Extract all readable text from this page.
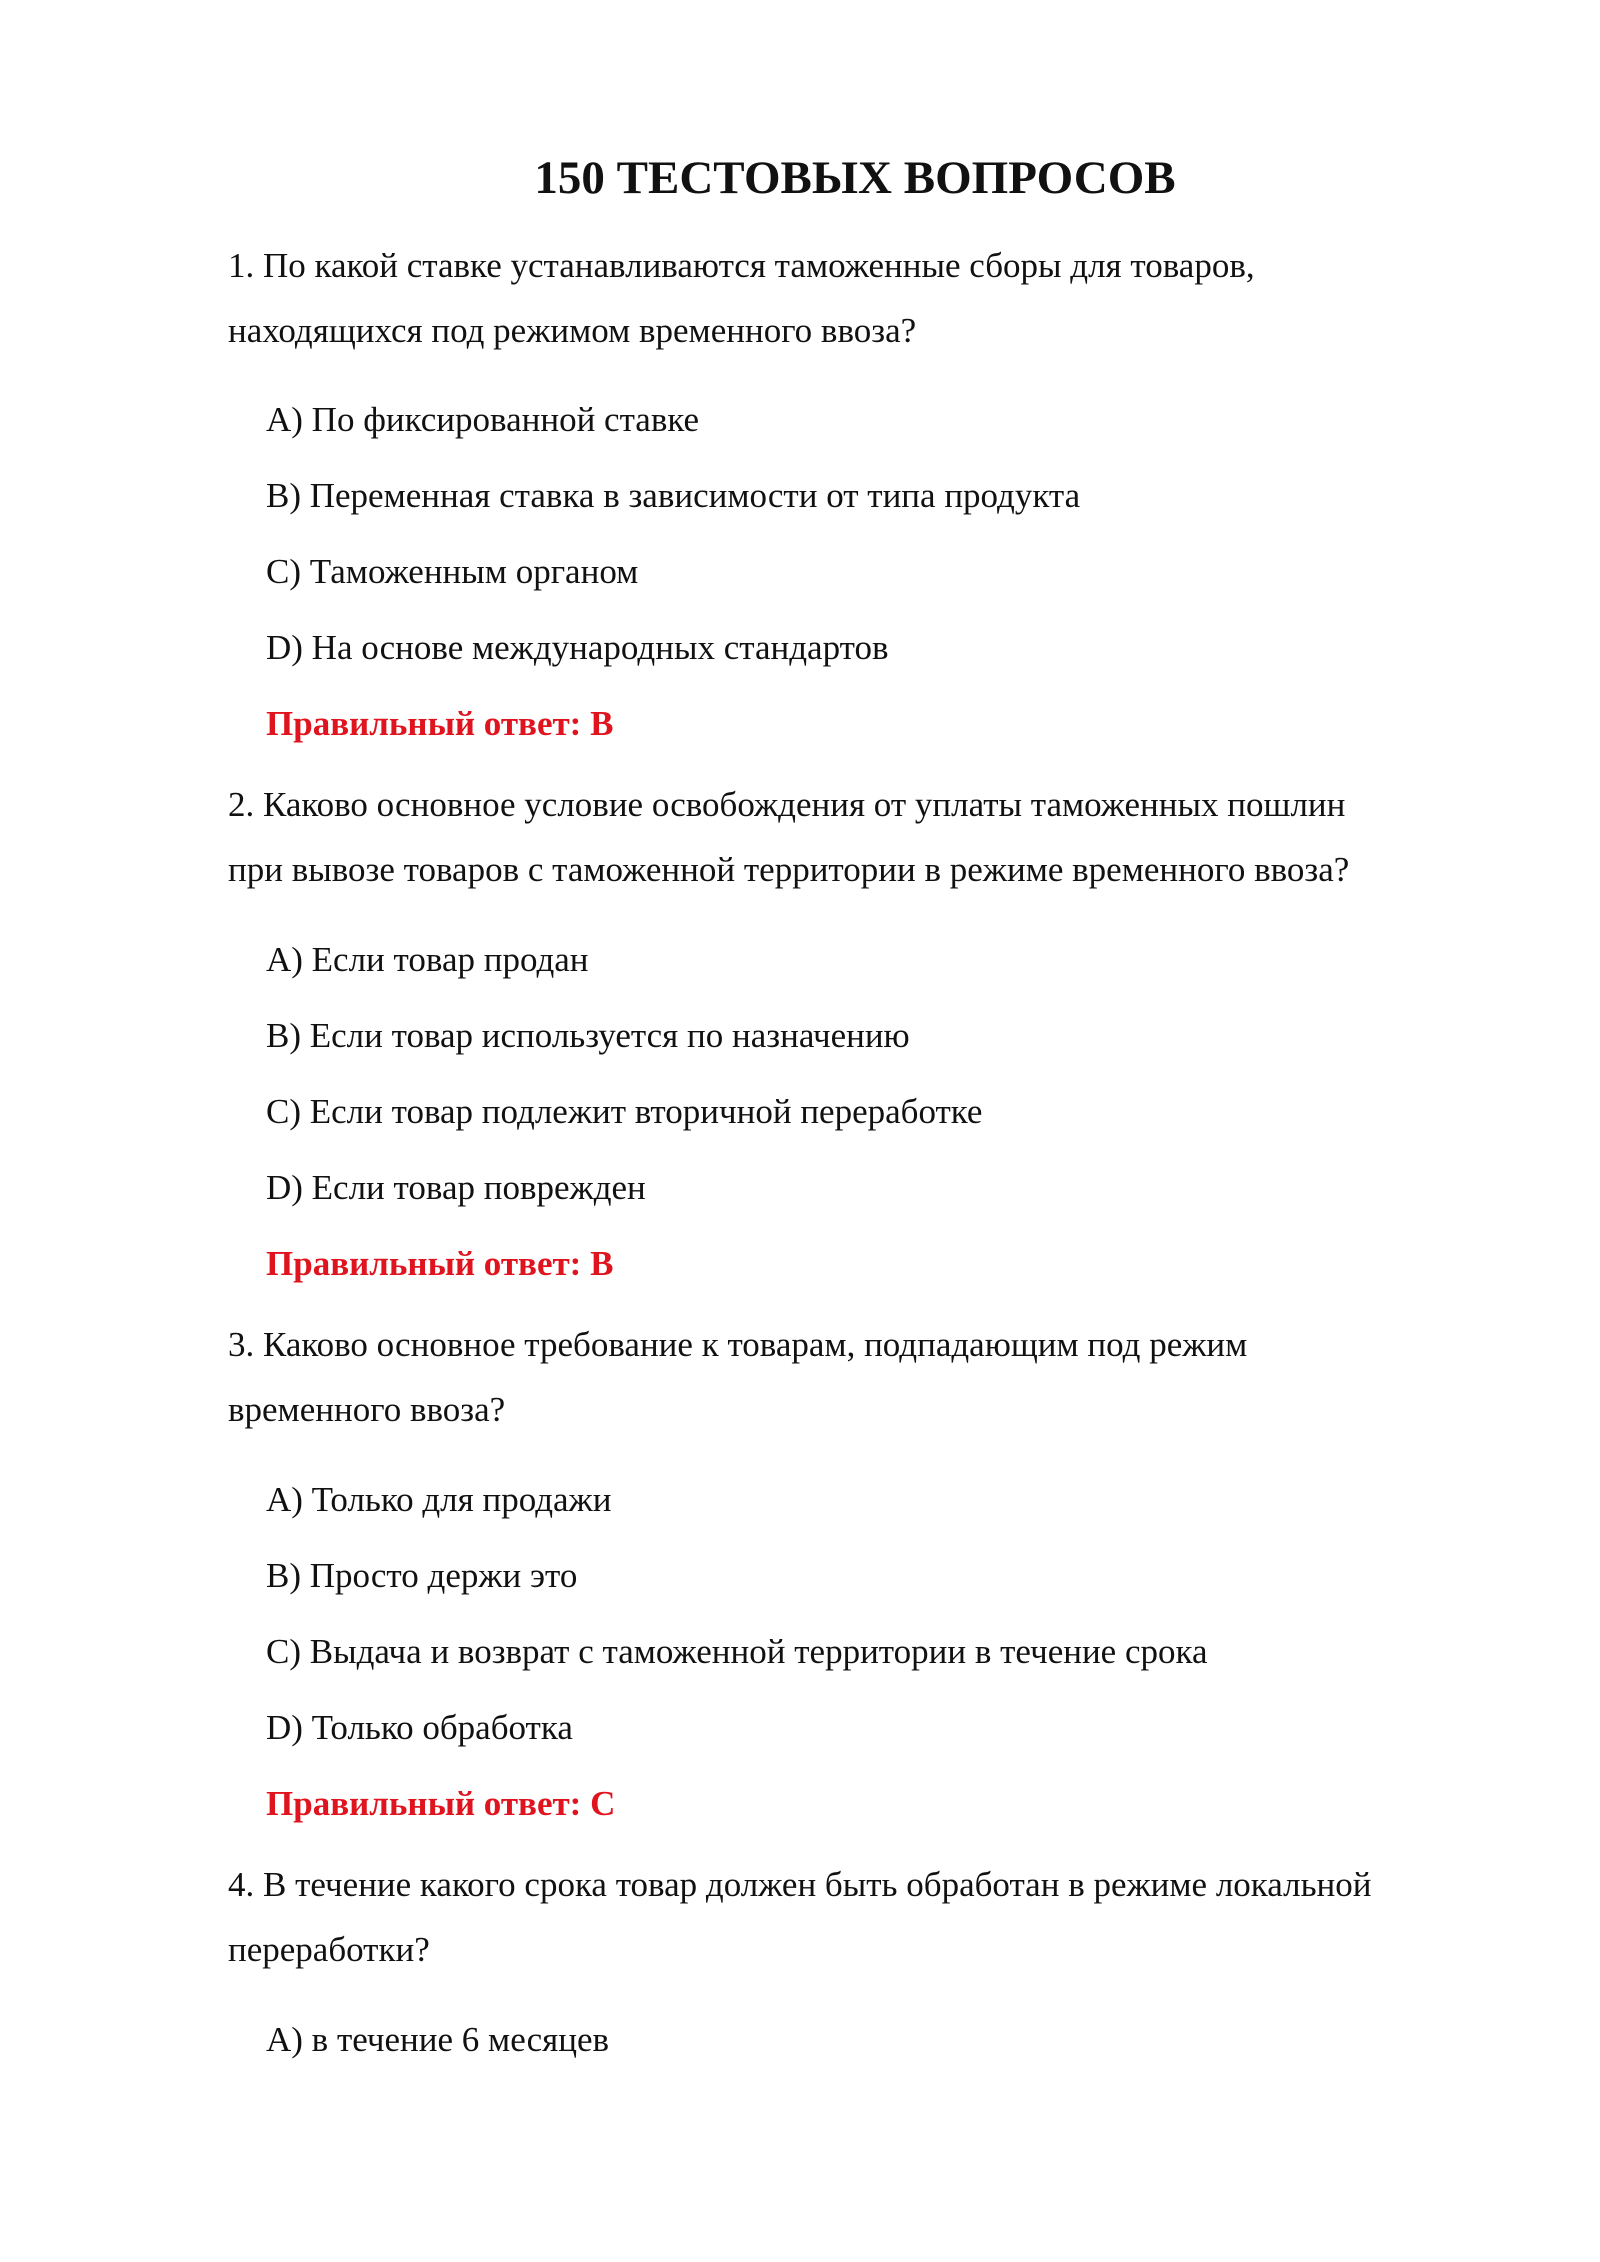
150 ТЕСТОВЫХ ВОПРОСОВ
1. По какой ставке устанавливаются таможенные сборы для товаров,
находящихся под режимом временного ввоза?
A) По фиксированной ставке
B) Переменная ставка в зависимости от типа продукта
C) Таможенным органом
D) На основе международных стандартов
Правильный ответ: B
2. Каково основное условие освобождения от уплаты таможенных пошлин
при вывозе товаров с таможенной территории в режиме временного ввоза?
A) Если товар продан
B) Если товар используется по назначению
C) Если товар подлежит вторичной переработке
D) Если товар поврежден
Правильный ответ: B
3. Каково основное требование к товарам, подпадающим под режим
временного ввоза?
A) Только для продажи
B) Просто держи это
C) Выдача и возврат с таможенной территории в течение срока
D) Только обработка
Правильный ответ: C
4. В течение какого срока товар должен быть обработан в режиме локальной
переработки?
A) в течение 6 месяцев
